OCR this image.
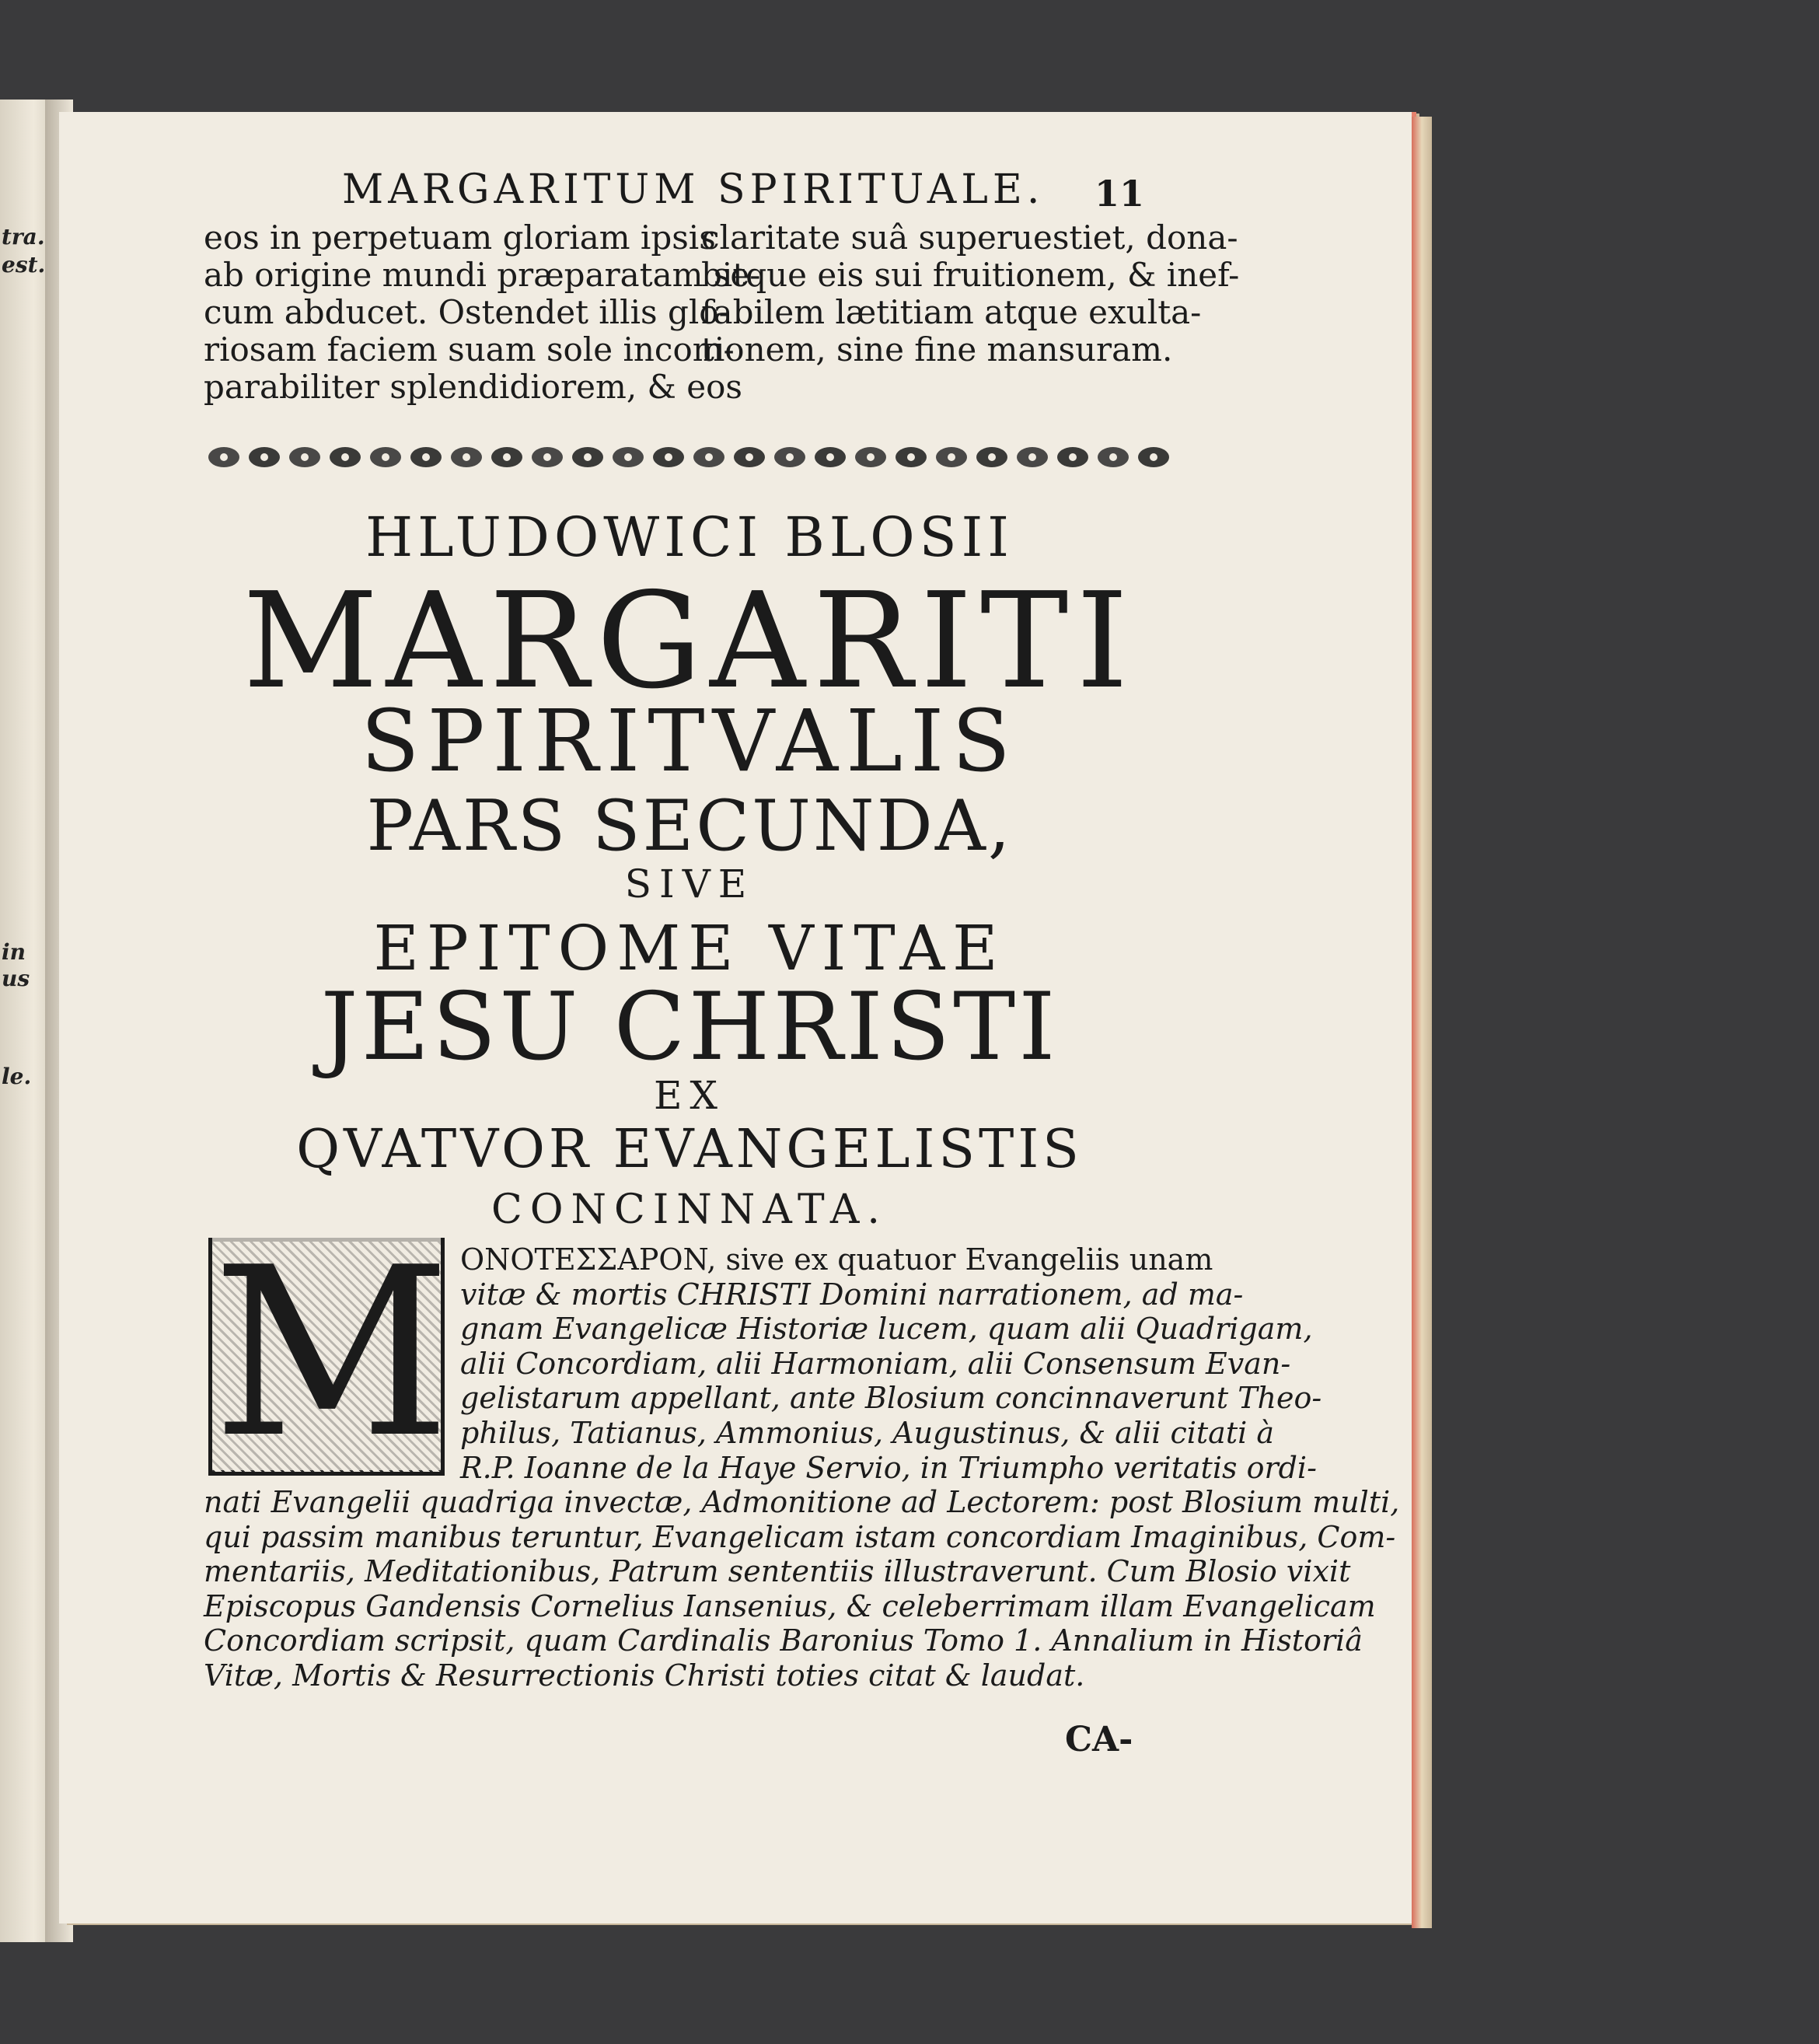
tra.
est.
in
us
le.
MARGARITUM SPIRITUALE. 11
eos in perpetuam gloriam ipsis
ab origine mundi præparatam se-
cum abducet. Ostendet illis glo-
riosam faciem suam sole incom-
parabiliter splendidiorem, & eos
claritate suâ superuestiet, dona-
bitque eis sui fruitionem, & inef-
fabilem lætitiam atque exulta-
tionem, sine fine mansuram.
HLUDOWICI BLOSII
MARGARITI
SPIRITVALIS
PARS SECUNDA,
SIVE
EPITOME VITAE
JESU CHRISTI
EX
QVATVOR EVANGELISTIS
CONCINNATA.
M ONOTEΣΣAPON, sive ex quatuor Evangeliis unam
vitæ & mortis CHRISTI Domini narrationem, ad ma-
gnam Evangelicæ Historiæ lucem, quam alii Quadrigam,
alii Concordiam, alii Harmoniam, alii Consensum Evan-
gelistarum appellant, ante Blosium concinnaverunt Theo-
philus, Tatianus, Ammonius, Augustinus, & alii citati à
R.P. Ioanne de la Haye Servio, in Triumpho veritatis ordi-
nati Evangelii quadriga invectæ, Admonitione ad Lectorem: post Blosium multi,
qui passim manibus teruntur, Evangelicam istam concordiam Imaginibus, Com-
mentariis, Meditationibus, Patrum sententiis illustraverunt. Cum Blosio vixit
Episcopus Gandensis Cornelius Iansenius, & celeberrimam illam Evangelicam
Concordiam scripsit, quam Cardinalis Baronius Tomo 1. Annalium in Historiâ
Vitæ, Mortis & Resurrectionis Christi toties citat & laudat.
CA-
